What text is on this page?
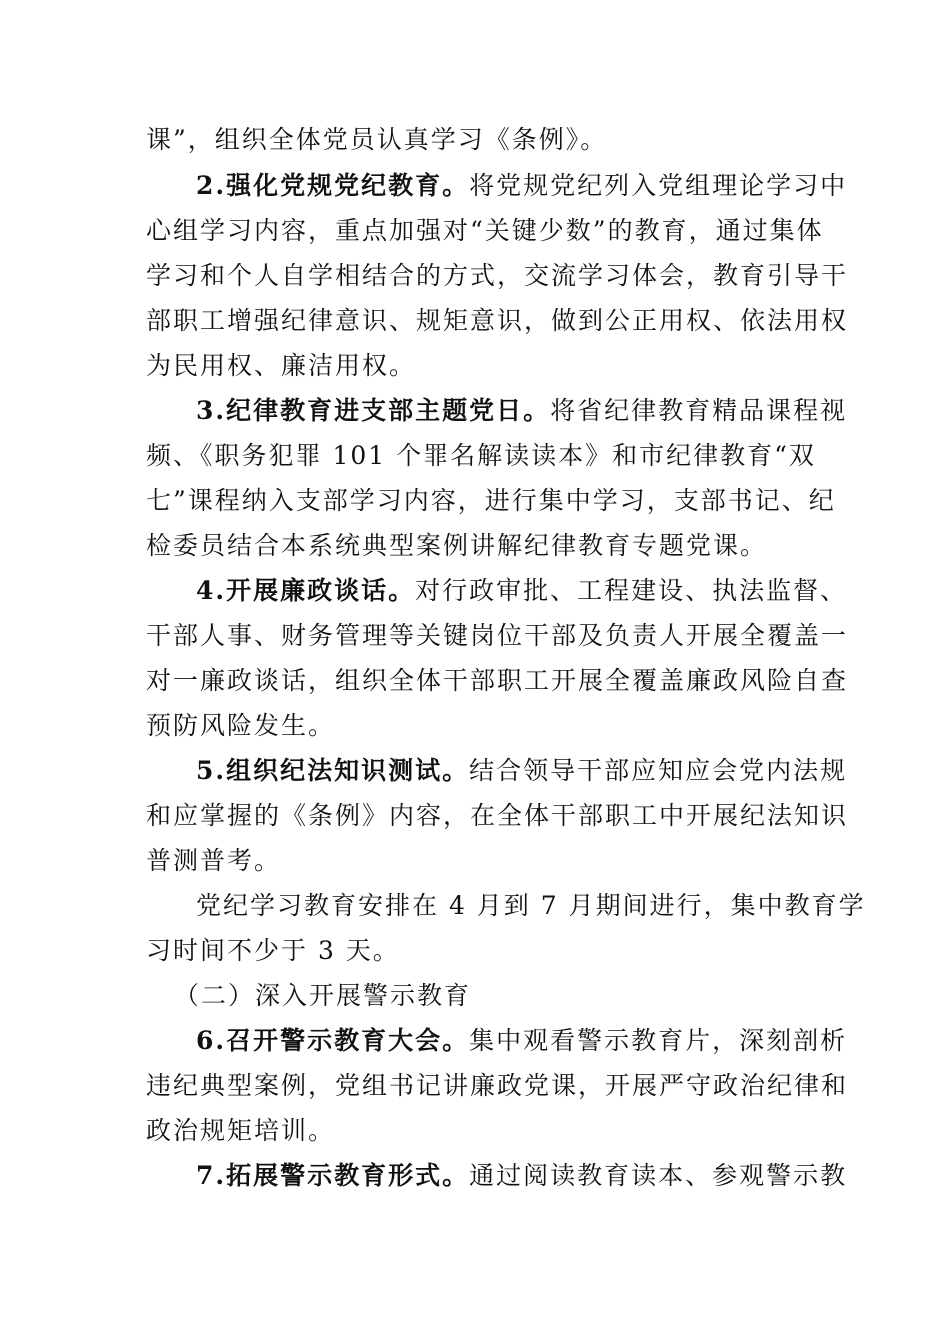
课”，组织全体党员认真学习《条例》。
2.强化党规党纪教育。将党规党纪列入党组理论学习中
心组学习内容，重点加强对“关键少数”的教育，通过集体
学习和个人自学相结合的方式，交流学习体会，教育引导干
部职工增强纪律意识、规矩意识，做到公正用权、依法用权
为民用权、廉洁用权。
3.纪律教育进支部主题党日。将省纪律教育精品课程视
频、《职务犯罪 101 个罪名解读读本》和市纪律教育“双
七”课程纳入支部学习内容，进行集中学习，支部书记、纪
检委员结合本系统典型案例讲解纪律教育专题党课。
4.开展廉政谈话。对行政审批、工程建设、执法监督、
干部人事、财务管理等关键岗位干部及负责人开展全覆盖一
对一廉政谈话，组织全体干部职工开展全覆盖廉政风险自查
预防风险发生。
5.组织纪法知识测试。结合领导干部应知应会党内法规
和应掌握的《条例》内容，在全体干部职工中开展纪法知识
普测普考。
党纪学习教育安排在 4 月到 7 月期间进行，集中教育学
习时间不少于 3 天。
（二）深入开展警示教育
6.召开警示教育大会。集中观看警示教育片，深刻剖析
违纪典型案例，党组书记讲廉政党课，开展严守政治纪律和
政治规矩培训。
7.拓展警示教育形式。通过阅读教育读本、参观警示教
